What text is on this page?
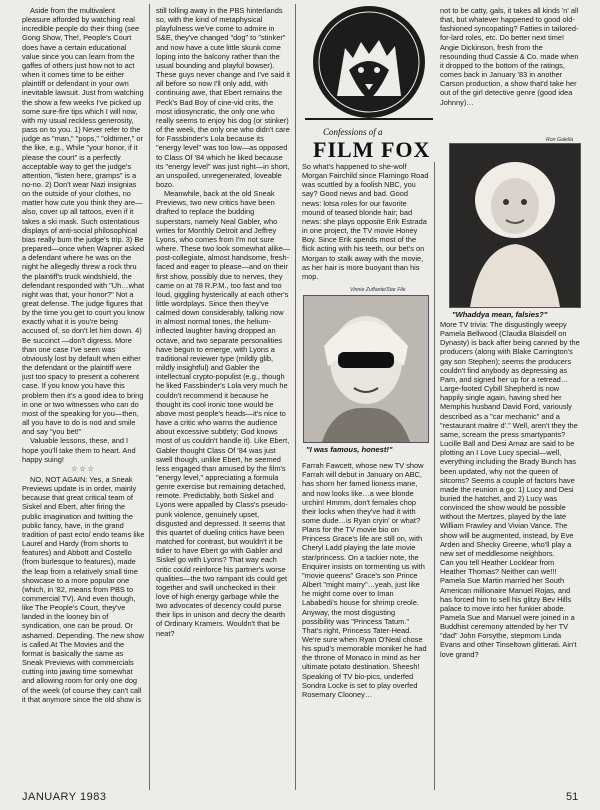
Aside from the multivalent pleasure afforded by watching real incredible people do their thing (see Gong Show, The!, People's Court does have a certain educational value since you can learn from the gaffes of others just how not to act when it comes time to be either plaintiff or defendant in your own inevitable lawsuit. Just from watching the show a few weeks I've picked up some sure-fire tips which I will now, with my usual reckless generosity, pass on to you. 1) Never refer to the judge as "man," "pops," "oldtimer," or the like, e.g., While "your honor, if it please the court" is a perfectly acceptable way to get the judge's attention, "listen here, gramps" is a no-no. 2) Don't wear Nazi insignias on the outside of your clothes, no matter how cute you think they are—also, cover up all tattoos, even if it takes a ski mask. Such ostentatious displays of anti-social philosophical bias really bum the judge's trip. 3) Be prepared—once when Wapner asked a defendant where he was on the night he allegedly threw a rock thru the plaintiff's truck windshield, the defendant responded with "Uh…what night was that, your honor?" Not a great defense. The judge figures that by the time you get to court you know exactly what it is you're being accused of, so don't let him down. 4) Be succinct —don't digress. More than one case I've seen was obviously lost by default when either the defendant or the plaintiff were just too spacy to present a coherent case. If you know you have this problem then it's a good idea to bring in one or two witnesses who can do most of the speaking for you—then, all you have to do is nod and smile and say "you bet!"

Valuable lessons, these, and I hope you'll take them to heart. And happy suing!

☆☆☆

NO, NOT AGAIN: Yes, a Sneak Previews update is in order, mainly because that great critical team of Siskel and Ebert, after firing the public imagination and twitting the public fancy, have, in the grand tradition of past ecto/ endo teams like Laurel and Hardy (from shorts to features) and Abbott and Costello (from burlesque to features), made the leap from a relatively small time showcase to a more popular one (which, in '82, means from PBS to commercial TV). And even though, like The People's Court, they've landed in the looney bin of syndication, one can be proud. Or ashamed. Depending. The new show is called At The Movies and the format is basically the same as Sneak Previews with commercials cutting into jawing time somewhat and allowing room for only one dog of the week (of course they can't call it that anymore since the old show is

still tolling away in the PBS hinterlands so, with the kind of metaphysical playfulness we've come to admire in S&E, they've changed "dog" to "stinker" and now have a cute little skunk come loping into the balcony rather than the usual bounding and playful bowser). These guys never change and I've said it all before so now I'll only add, with continuing awe, that Ebert remains the Peck's Bad Boy of cine-vid crits, the most idiosyncratic, the only one who really seems to enjoy his dog (or stinker) of the week, the only one who didn't care for Fassbinder's Lola because its "energy level" was too low—as opposed to Class Of '84 which he liked because its "energy level" was just right—in short, an unspoiled, unregenerated, loveable bozo.

Meanwhile, back at the old Sneak Previews, two new critics have been drafted to replace the budding superstars, namely Neal Gabler, who writes for Monthly Detroit and Jeffrey Lyons, who comes from I'm not sure where. These two look somewhat alike—post-collegiate, almost handsome, fresh-faced and eager to please—and on their first show, possibly due to nerves, they came on at 78 R.P.M., too fast and too loud, giggling hysterically at each other's little wordplays. Since then they've calmed down considerably, talking now in almost normal tones, the helium-inflected laughter having dropped an octave, and two separate personalities have begun to emerge, with Lyons a traditional reviewer type (mildly glib, mildly insightful) and Gabler the intellectual crypto-populist (e.g., though he liked Fassbinder's Lola very much he couldn't recommend it because he thought its cool ironic tone would be above most people's heads—it's nice to have a critic who warns the audience about excessive subtlety; God knows most of us couldn't handle it). Like Ebert, Gabler thought Class Of '84 was just swell though, unlike Ebert, he seemed less engaged than amused by the film's "energy level," appreciating a formula genre exercise but remaining detached, remote. Predictably, both Siskel and Lyons were appalled by Class's pseudo-punk violence, genuinely upset, disgusted and depressed. It seems that this quartet of dueling critics have been matched for contrast, but wouldn't it be tidier to have Ebert go with Gabler and Siskel go with Lyons? That way each critic could reinforce his partner's worse qualities—the two rampant ids could get together and swill unchecked in their love of high energy garbage while the two advocates of decency could purse their lips in unison and decry the dearth of Ordinary Kramers. Wouldn't that be neat?

Confessions of a
FILM FOX

So what's happened to she-wolf Morgan Fairchild since Flamingo Road was scuttled by a foolish NBC, you say? Good news and bad. Good news: lotsa roles for our favorite mound of teased blonde hair; bad news: she plays opposite Erik Estrada in one project, the TV movie Honey Boy. Since Erik spends most of the flick acting with his teeth, our bet's on Morgan to stalk away with the movie, as her hair is more buoyant than his mop.

Farrah Fawcett, whose new TV show Farrah will debut in January on ABC, has shorn her famed lioness mane, and now looks like…a wee blonde urchin! Hmmm, don't females chop their locks when they've had it with some dude…is Ryan cryin' or what?

Plans for the TV movie bio on Princess Grace's life are still on, with Cheryl Ladd playing the late movie star/princess. On a tackier note, the Enquirer insists on tormenting us with "movie queens" Grace's son Prince Albert "might marry"…yeah, just like he might come over to Iman Lababedi's house for shrimp creole. Anyway, the most disgusting possibility was "Princess Tatum." That's right, Princess Tater-Head. We're sure when Ryan O'Neal chose his spud's memorable moniker he had the throne of Monaco in mind as her ultimate potato destination. Sheesh!

Speaking of TV bio-pics, underfed Sondra Locke is set to play overfed Rosemary Clooney…

Vinnie Zuffante/Star File
"I was famous, honest!"

not to be catty, gals, it takes all kinds 'n' all that, but whatever happened to good old-fashioned syncopating? Fatties in tailored-for-lard roles, etc. Do better next time! Angie Dickinson, fresh from the resounding thud Cassie & Co. made when it dropped to the bottom of the ratings, comes back in January '83 in another Carson production, a show that'd take her out of the girl detective genre (good idea Johnny)…

Ron Galella
"Whaddya mean, falsies?"

More TV trivia: The disgustingly weepy Pamela Bellwood (Claudia Blaisdell on Dynasty) is back after being canned by the producers (along with Blake Carrington's gay son Stephen); seems the producers couldn't find anybody as depressing as Pam, and signed her up for a retread…

Large-footed Cybill Shepherd is now happily single again, having shed her Memphis husband David Ford, variously described as a "car mechanic" and a "restaurant maitre d'." Well, aren't they the same, scream the press smartypants?

Lucille Ball and Desi Arnaz are said to be plotting an I Love Lucy special—well, everything including the Brady Bunch has been updated, why not the queen of sitcoms? Seems a couple of factors have made the reunion a go: 1) Lucy and Desi buried the hatchet, and 2) Lucy was convinced the show would be possible without the Mertzes, played by the late William Frawley and Vivian Vance. The show will be augmented, instead, by Eve Arden and Shecky Greene, who'll play a new set of meddlesome neighbors.

Can you tell Heather Locklear from Heather Thomas? Neither can we!!!

Pamela Sue Martin married her South American millionaire Manuel Rojas, and has forced him to sell his glitzy Bev Hills palace to move into her funkier abode. Pamela Sue and Manuel were joined in a Buddhist ceremony attended by her TV "dad" John Forsythe, stepmom Linda Evans and other Tinseltown glitterati. Ain't love grand?

JANUARY 1983	51
